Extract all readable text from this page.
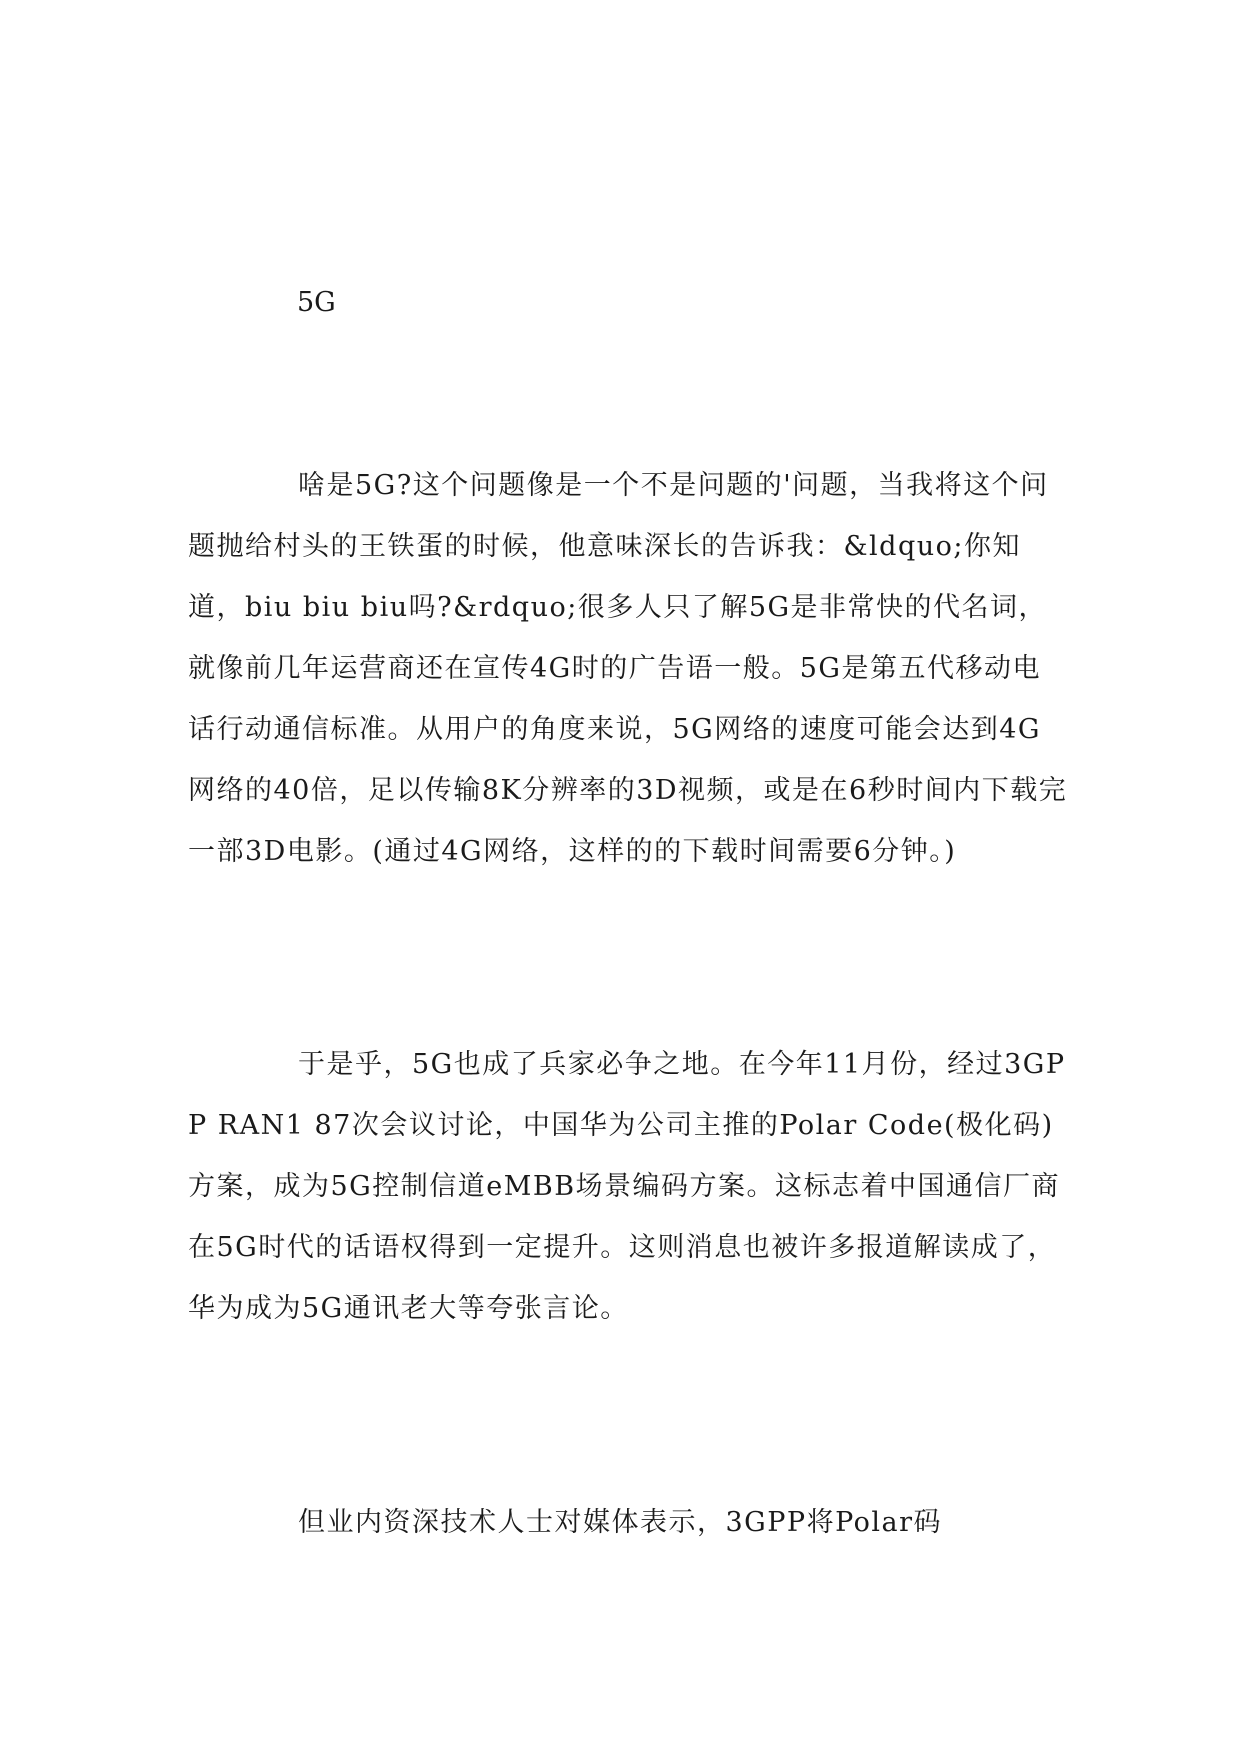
5G

啥是5G?这个问题像是一个不是问题的'问题，当我将这个问题抛给村头的王铁蛋的时候，他意味深长的告诉我：&ldquo;你知道，biu biu biu吗?&rdquo;很多人只了解5G是非常快的代名词，就像前几年运营商还在宣传4G时的广告语一般。5G是第五代移动电话行动通信标准。从用户的角度来说，5G网络的速度可能会达到4G网络的40倍，足以传输8K分辨率的3D视频，或是在6秒时间内下载完一部3D电影。(通过4G网络，这样的的下载时间需要6分钟。)

于是乎，5G也成了兵家必争之地。在今年11月份，经过3GPP RAN1 87次会议讨论，中国华为公司主推的Polar Code(极化码)方案，成为5G控制信道eMBB场景编码方案。这标志着中国通信厂商在5G时代的话语权得到一定提升。这则消息也被许多报道解读成了，华为成为5G通讯老大等夸张言论。

但业内资深技术人士对媒体表示，3GPP将Polar码
